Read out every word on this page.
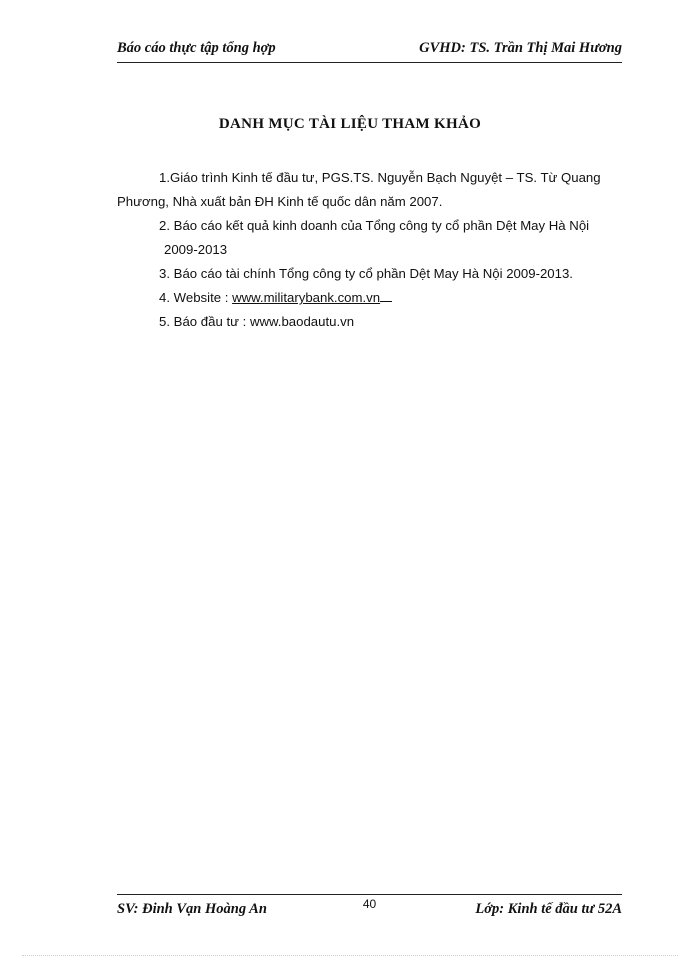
Báo cáo thực tập tổng hợp	GVHD: TS. Trần Thị Mai Hương
DANH MỤC TÀI LIỆU THAM KHẢO
1.Giáo trình Kinh tế đầu tư, PGS.TS. Nguyễn Bạch Nguyệt – TS. Từ Quang
Phương, Nhà xuất bản ĐH Kinh tế quốc dân năm 2007.
2. Báo cáo kết quả kinh doanh của Tổng công ty cổ phần Dệt May Hà Nội
2009-2013
3. Báo cáo tài chính Tổng công ty cổ phần Dệt May Hà Nội 2009-2013.
4. Website : www.militarybank.com.vn
5. Báo đầu tư : www.baodautu.vn
SV: Đinh Vạn Hoàng An	40	Lớp: Kinh tế đầu tư 52A
